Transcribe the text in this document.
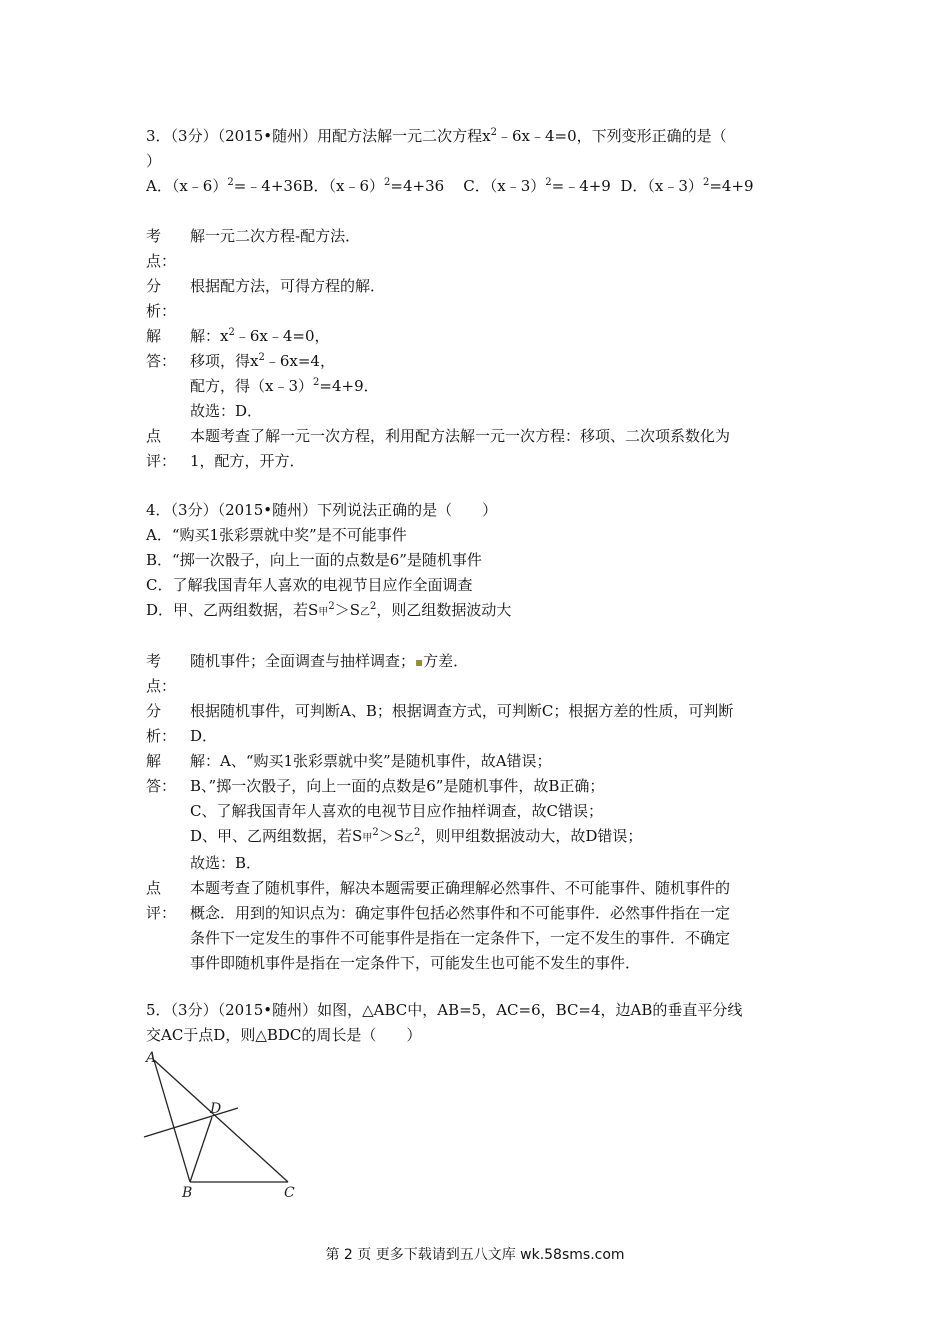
3．（3分）（2015•随州）用配方法解一元二次方程$x^2﹣6x﹣4=0$，下列变形正确的是（
）
A．（x﹣6）$^2$=﹣4+36B．（x﹣6）$^2$=4+36 C．（x﹣3）$^2$=﹣4+9 D．（x﹣3）$^2$=4+9
考
点：
解一元二次方程-配方法．
分
析：
根据配方法，可得方程的解．
解
答：
解：$x^2﹣6x﹣4=0$，
移项，得$x^2﹣6x=4$，
配方，得（x﹣3）$^2$=4+9．
故选：D．
点
评：
本题考查了解一元一次方程，利用配方法解一元一次方程：移项、二次项系数化为
1，配方，开方．
4．（3分）（2015•随州）下列说法正确的是（　　）
A．“购买1张彩票就中奖”是不可能事件
B．“掷一次骰子，向上一面的点数是6”是随机事件
C．了解我国青年人喜欢的电视节目应作全面调查
D．甲、乙两组数据，若S甲$^2$＞S乙$^2$，则乙组数据波动大
考
点：
随机事件；全面调查与抽样调查；▪方差．
分
析：
根据随机事件，可判断A、B；根据调查方式，可判断C；根据方差的性质，可判断
D．
解
答：
解：A、“购买1张彩票就中奖”是随机事件，故A错误；
B、”掷一次骰子，向上一面的点数是6”是随机事件，故B正确；
C、了解我国青年人喜欢的电视节目应作抽样调查，故C错误；
D、甲、乙两组数据，若S甲$^2$＞S乙$^2$，则甲组数据波动大，故D错误；
故选：B．
点
评：
本题考查了随机事件，解决本题需要正确理解必然事件、不可能事件、随机事件的
概念．用到的知识点为：确定事件包括必然事件和不可能事件．必然事件指在一定
条件下一定发生的事件不可能事件是指在一定条件下，一定不发生的事件．不确定
事件即随机事件是指在一定条件下，可能发生也可能不发生的事件．
5．（3分）（2015•随州）如图，△ABC中，AB=5，AC=6，BC=4，边AB的垂直平分线
交AC于点D，则△BDC的周长是（　　）
A
B	C
D
第 2 页 更多下载请到五八文库 wk.58sms.com
